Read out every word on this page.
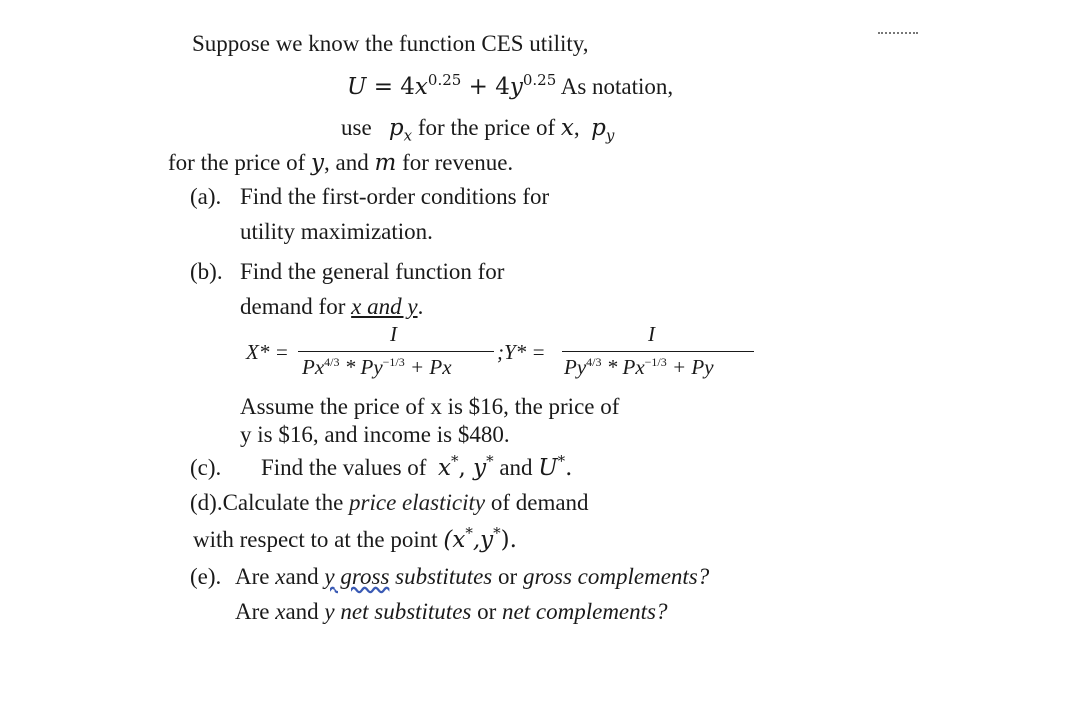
Suppose we know the function CES utility,
$U = 4x^{0.25} + 4y^{0.25}$ As notation,
use $p_x$ for the price of x, $p_y$
for the price of y, and m for revenue.
(a). Find the first-order conditions for
utility maximization.
(b). Find the general function for
demand for x and y.
X* =
I
$Px^{4/3} * Py^{-1/3} + Px$
;Y* =
I
$Py^{4/3} * Px^{-1/3} + Py$
Assume the price of x is $16, the price of
y is $16, and income is $480.
(c). Find the values of  x*, y* and U*.
(d).Calculate the price elasticity of demand
with respect to at the point (x*,y*).
(e). Are xand y gross substitutes or gross complements?
Are xand y net substitutes or net complements?
